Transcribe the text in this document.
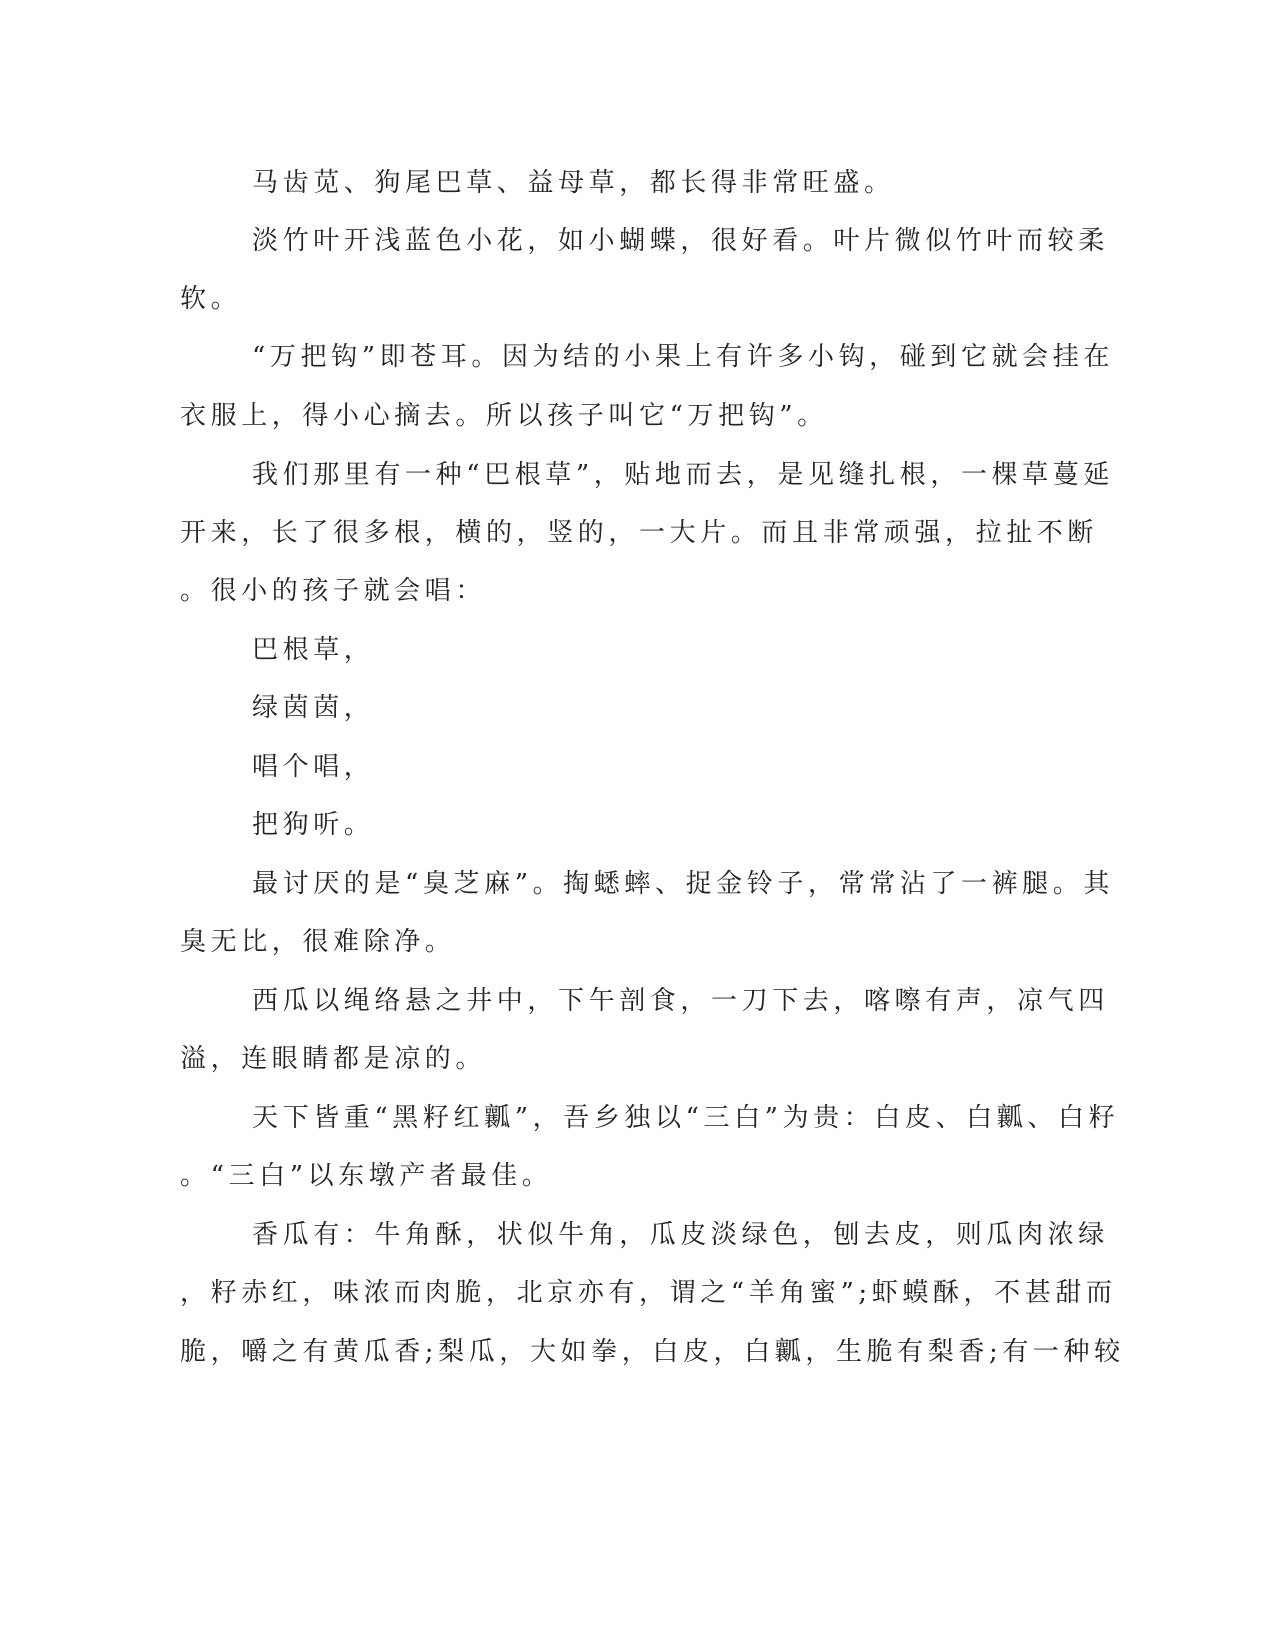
马齿苋、狗尾巴草、益母草，都长得非常旺盛。
淡竹叶开浅蓝色小花，如小蝴蝶，很好看。叶片微似竹叶而较柔
软。
“万把钩”即苍耳。因为结的小果上有许多小钩，碰到它就会挂在
衣服上，得小心摘去。所以孩子叫它“万把钩”。
我们那里有一种“巴根草”，贴地而去，是见缝扎根，一棵草蔓延
开来，长了很多根，横的，竖的，一大片。而且非常顽强，拉扯不断
。很小的孩子就会唱：
巴根草，
绿茵茵，
唱个唱，
把狗听。
最讨厌的是“臭芝麻”。掏蟋蟀、捉金铃子，常常沾了一裤腿。其
臭无比，很难除净。
西瓜以绳络悬之井中，下午剖食，一刀下去，喀嚓有声，凉气四
溢，连眼睛都是凉的。
天下皆重“黑籽红瓤”，吾乡独以“三白”为贵：白皮、白瓤、白籽
。“三白”以东墩产者最佳。
香瓜有：牛角酥，状似牛角，瓜皮淡绿色，刨去皮，则瓜肉浓绿
，籽赤红，味浓而肉脆，北京亦有，谓之“羊角蜜”;虾蟆酥，不甚甜而
脆，嚼之有黄瓜香;梨瓜，大如拳，白皮，白瓤，生脆有梨香;有一种较
